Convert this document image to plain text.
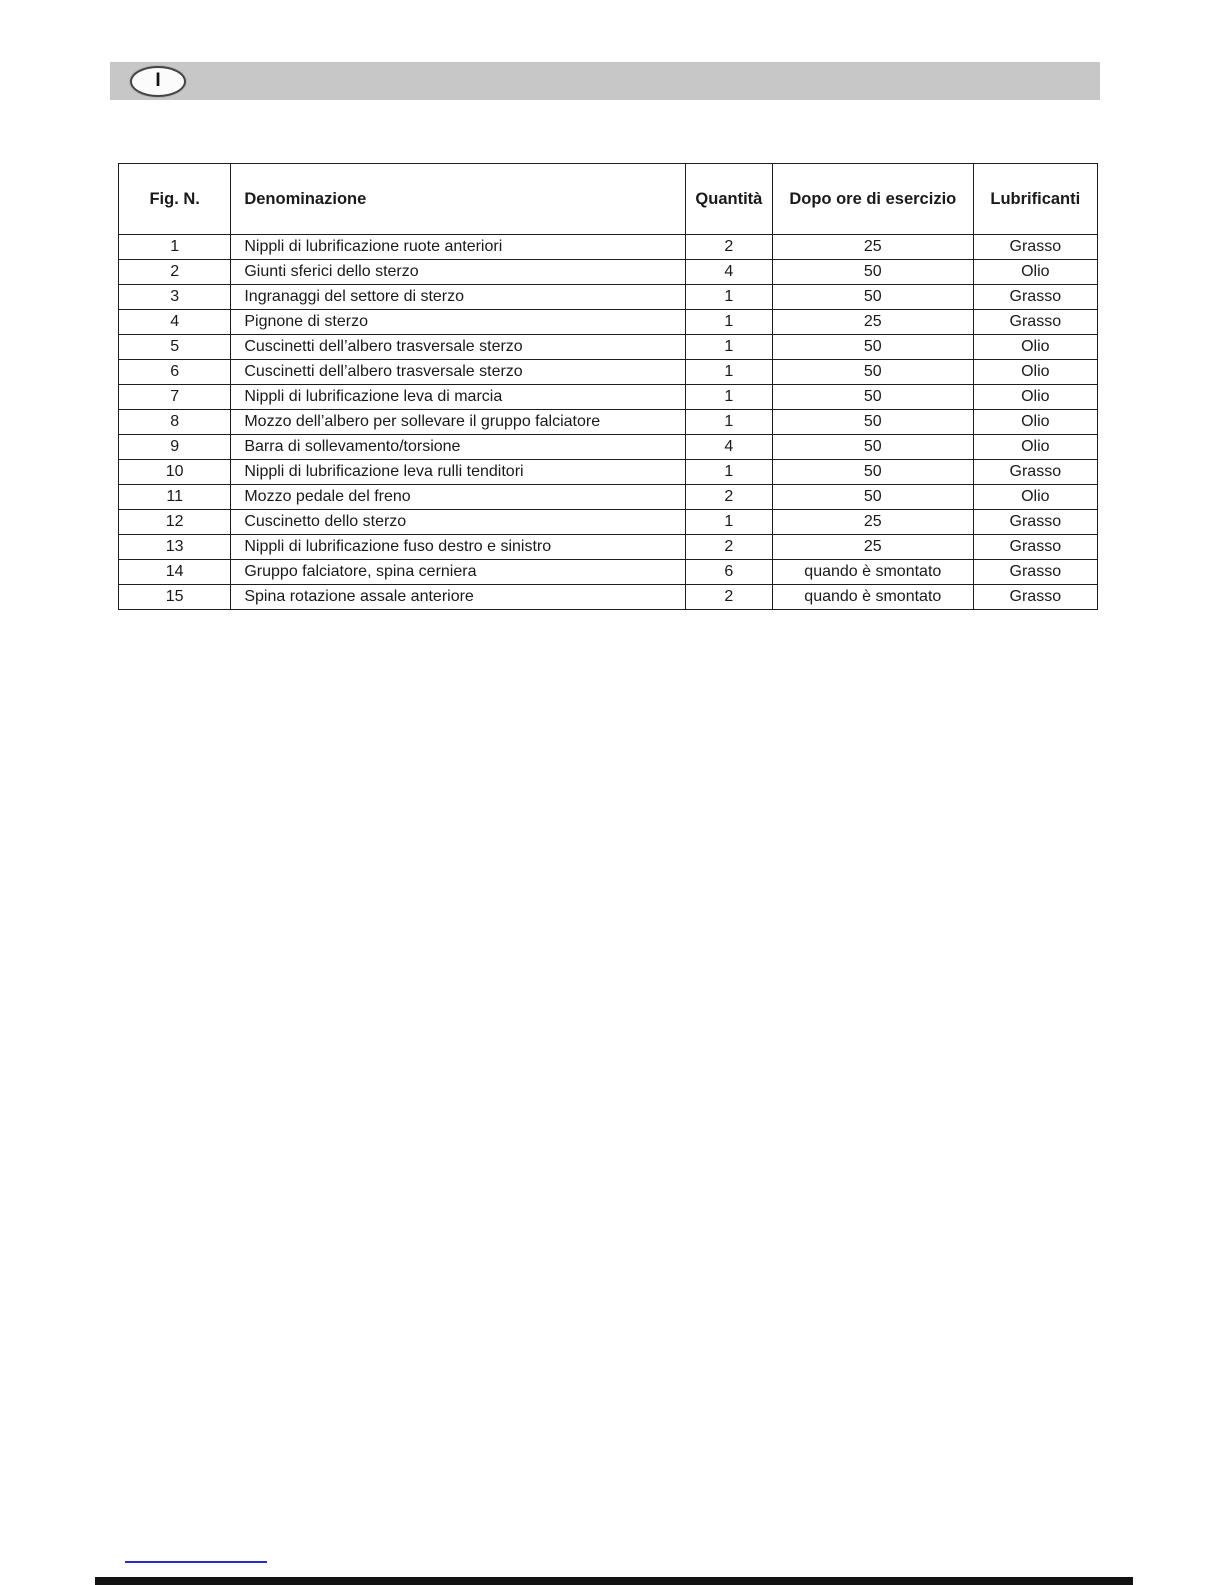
I
Fig. N.	Denominazione	Quantità	Dopo ore di esercizio	Lubrificanti
1	Nippli di lubrificazione ruote anteriori	2	25	Grasso
2	Giunti sferici dello sterzo	4	50	Olio
3	Ingranaggi del settore di sterzo	1	50	Grasso
4	Pignone di sterzo	1	25	Grasso
5	Cuscinetti dell’albero trasversale sterzo	1	50	Olio
6	Cuscinetti dell’albero trasversale sterzo	1	50	Olio
7	Nippli di lubrificazione leva di marcia	1	50	Olio
8	Mozzo dell’albero per sollevare il gruppo falciatore	1	50	Olio
9	Barra di sollevamento/torsione	4	50	Olio
10	Nippli di lubrificazione leva rulli tenditori	1	50	Grasso
11	Mozzo pedale del freno	2	50	Olio
12	Cuscinetto dello sterzo	1	25	Grasso
13	Nippli di lubrificazione fuso destro e sinistro	2	25	Grasso
14	Gruppo falciatore, spina cerniera	6	quando è smontato	Grasso
15	Spina rotazione assale anteriore	2	quando è smontato	Grasso
